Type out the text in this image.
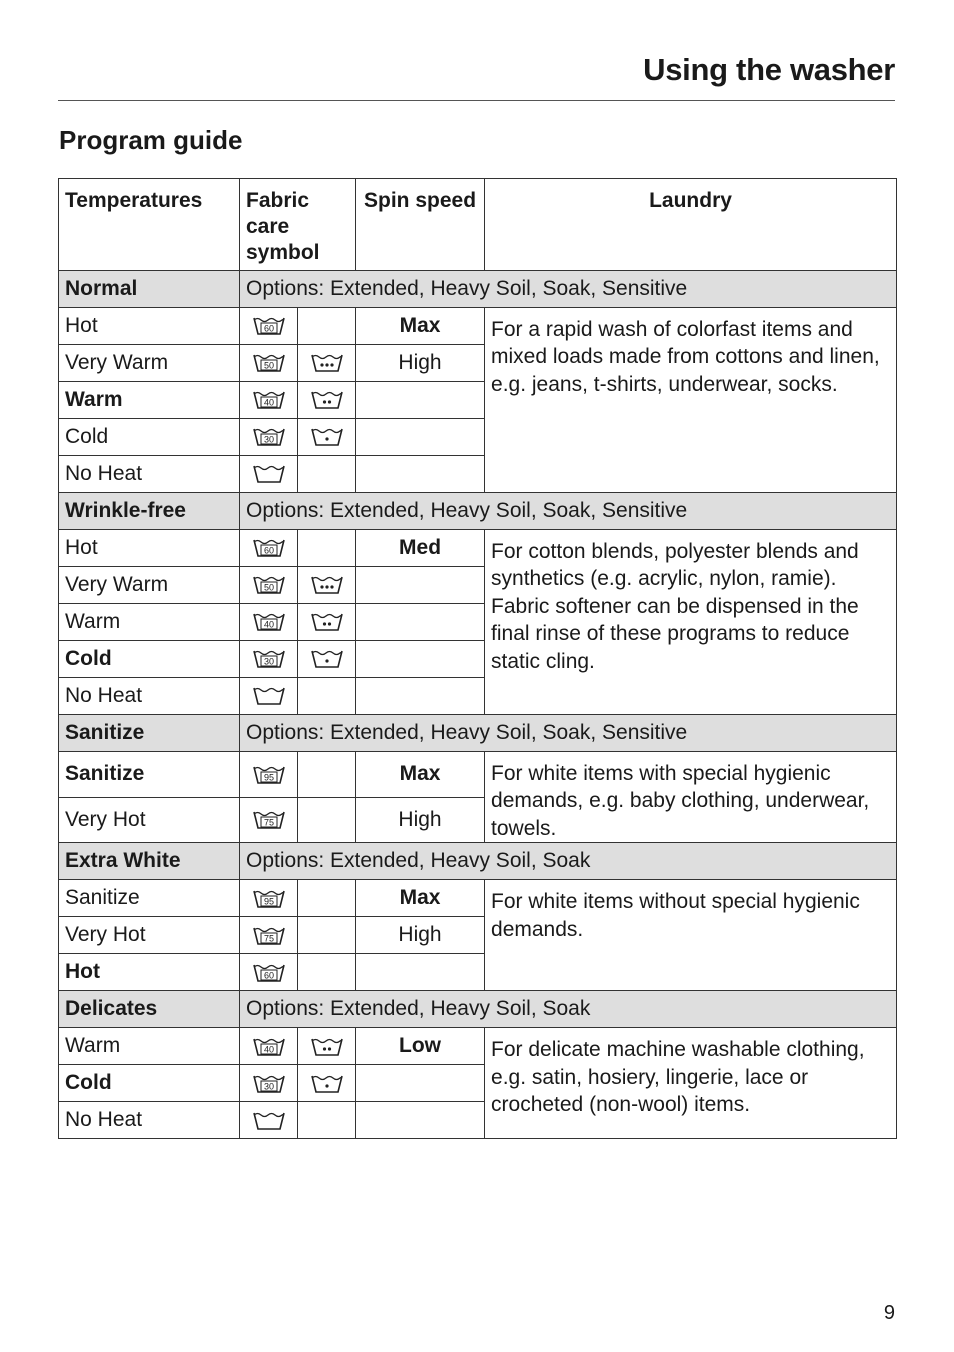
Using the washer
Program guide
Temperatures	Fabric care symbol		Spin speed	Laundry
Normal	Options: Extended, Heavy Soil, Soak, Sensitive			
Hot	60		Max	For a rapid wash of colorfast items and mixed loads made from cottons and linen, e.g. jeans, t-shirts, underwear, socks.
Very Warm	50		High	
Warm	40

Cold	30

No Heat			
Wrinkle-free	Options: Extended, Heavy Soil, Soak, Sensitive			
Hot	60		Med	For cotton blends, polyester blends and synthetics (e.g. acrylic, nylon, ramie). Fabric softener can be dispensed in the final rinse of these programs to reduce static cling.
Very Warm	50

Warm	40

Cold	30

No Heat			
Sanitize	Options: Extended, Heavy Soil, Soak, Sensitive			
Sanitize	95		Max	For white items with special hygienic demands, e.g. baby clothing, underwear, towels.
Very Hot	75		High	
Extra White	Options: Extended, Heavy Soil, Soak			
Sanitize	95		Max	For white items without special hygienic demands.
Very Hot	75		High	
Hot	60			

Delicates	Options: Extended, Heavy Soil, Soak			
Warm	40		Low	For delicate machine washable clothing, e.g. satin, hosiery, lingerie, lace or crocheted (non-wool) items.
Cold	30

No Heat			
9
